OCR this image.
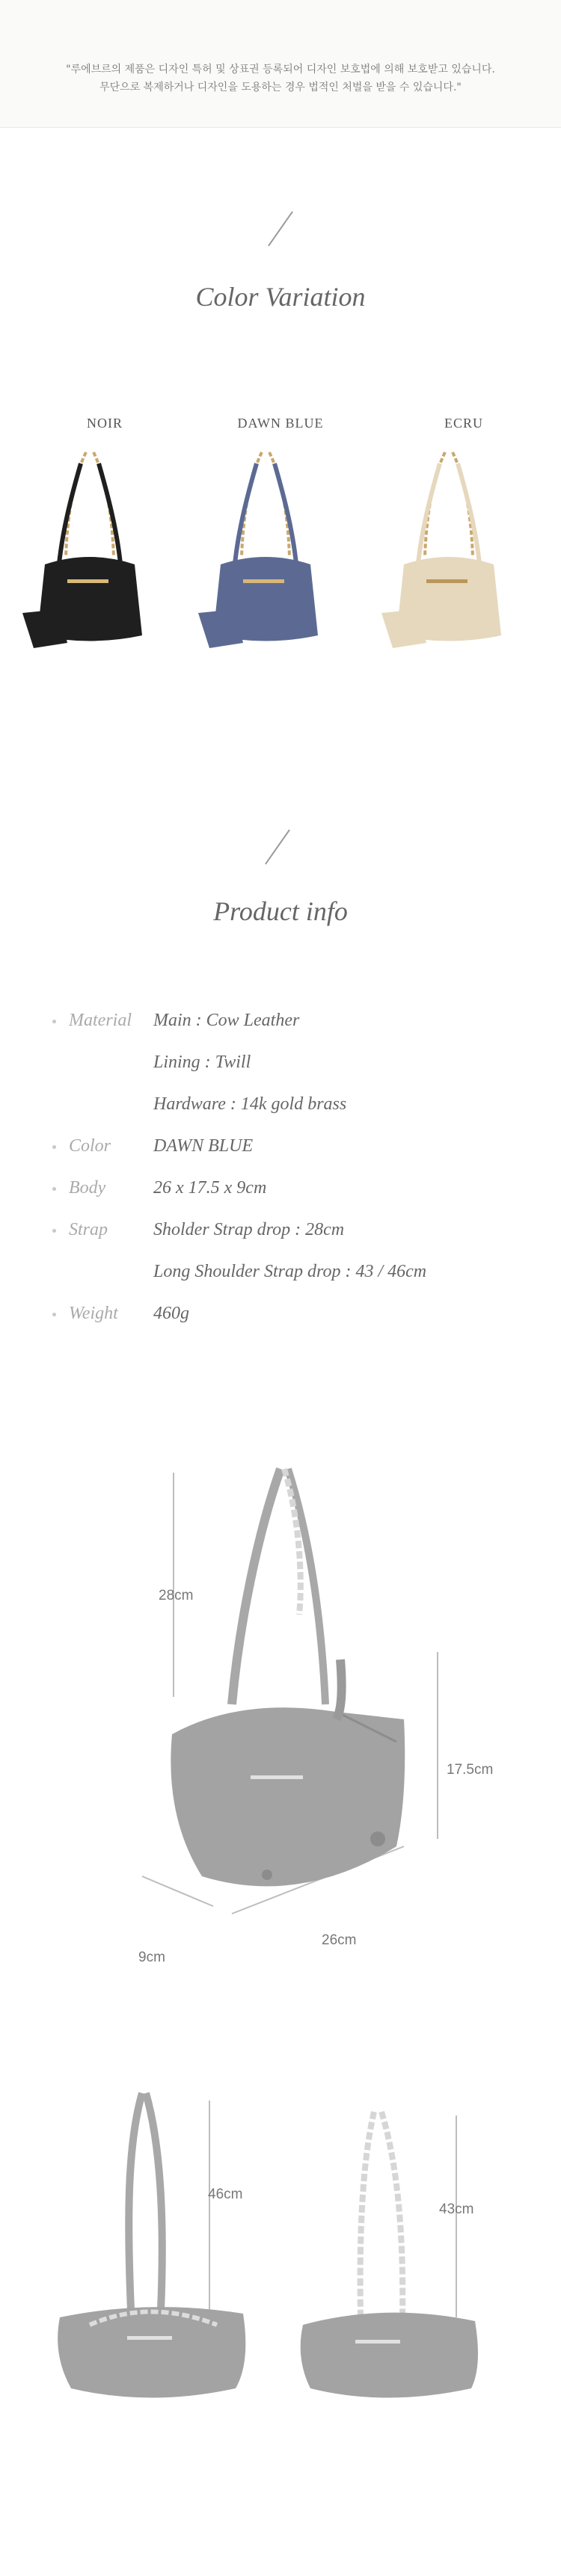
"루에브르의 제품은 디자인 특허 및 상표권 등록되어 디자인 보호법에 의해 보호받고 있습니다.

무단으로 복제하거나 디자인을 도용하는 경우 법적인 처벌을 받을 수 있습니다."

Color Variation
NOIR	DAWN BLUE	ECRU
Product info
Material Main : Cow Leather
Lining : Twill
Hardware : 14k gold brass
Color DAWN BLUE
Body	26 x 17.5 x 9cm
Strap	Sholder Strap drop : 28cm
Long Shoulder Strap drop : 43 / 46cm
Weight 460g
28cm
17.5cm
26cm
9cm
46cm
43cm
